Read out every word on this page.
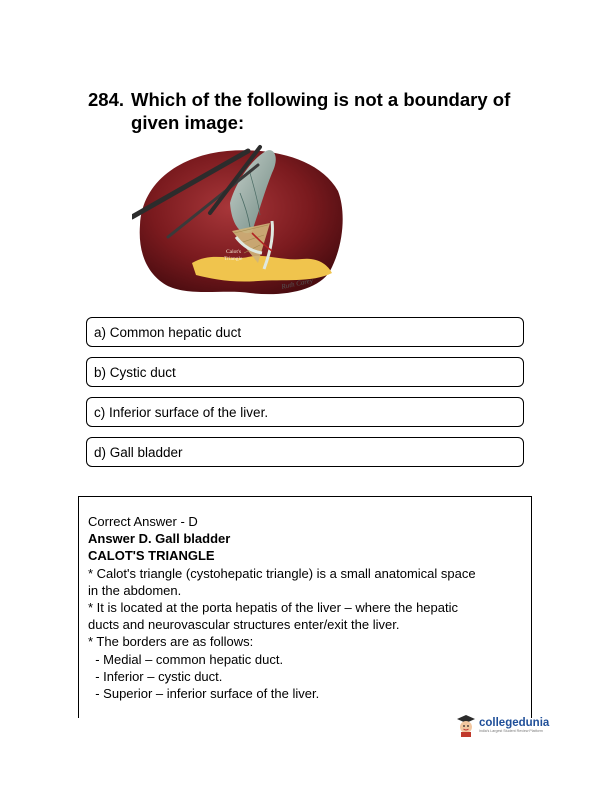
284. Which of the following is not a boundary of given image:
Calot's
Triangle
Ruth Carey
a) Common hepatic duct
b) Cystic duct
c) Inferior surface of the liver.
d) Gall bladder
Correct Answer - D
Answer D. Gall bladder
CALOT'S TRIANGLE
* Calot's triangle (cystohepatic triangle) is a small anatomical space
in the abdomen.
* It is located at the porta hepatis of the liver – where the hepatic
ducts and neurovascular structures enter/exit the liver.
* The borders are as follows:
- Medial – common hepatic duct.
- Inferior – cystic duct.
- Superior – inferior surface of the liver.
collegedunia
India's Largest Student Review Platform
